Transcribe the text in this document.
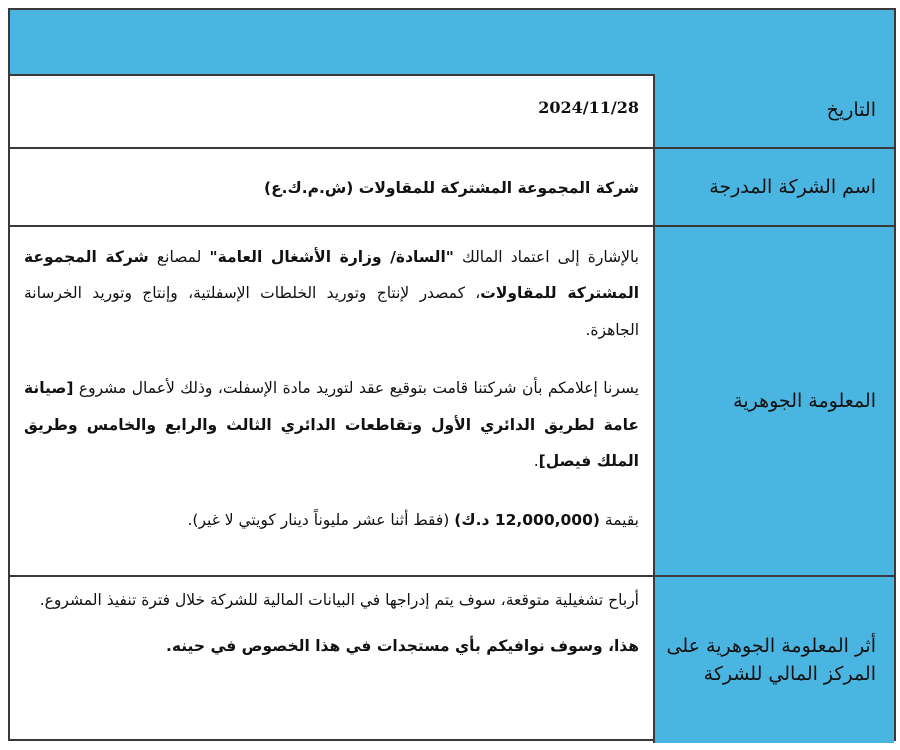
التاريخ
2024/11/28
اسم الشركة المدرجة
شركة المجموعة المشتركة للمقاولات (ش.م.ك.ع)
المعلومة الجوهرية

بالإشارة إلى اعتماد المالك "السادة/ وزارة الأشغال العامة" لمصانع شركة المجموعة المشتركة للمقاولات، كمصدر لإنتاج وتوريد الخلطات الإسفلتية، وإنتاج وتوريد الخرسانة الجاهزة.

يسرنا إعلامكم بأن شركتنا قامت بتوقيع عقد لتوريد مادة الإسفلت، وذلك لأعمال مشروع [صيانة عامة لطريق الدائري الأول وتقاطعات الدائري الثالث والرابع والخامس وطريق الملك فيصل].

بقيمة (12,000,000 د.ك) (فقط أثنا عشر مليوناً دينار كويتي لا غير).

أثر المعلومة الجوهرية على المركز المالي للشركة

أرباح تشغيلية متوقعة، سوف يتم إدراجها في البيانات المالية للشركة خلال فترة تنفيذ المشروع.

هذا، وسوف نوافيكم بأي مستجدات في هذا الخصوص في حينه.
